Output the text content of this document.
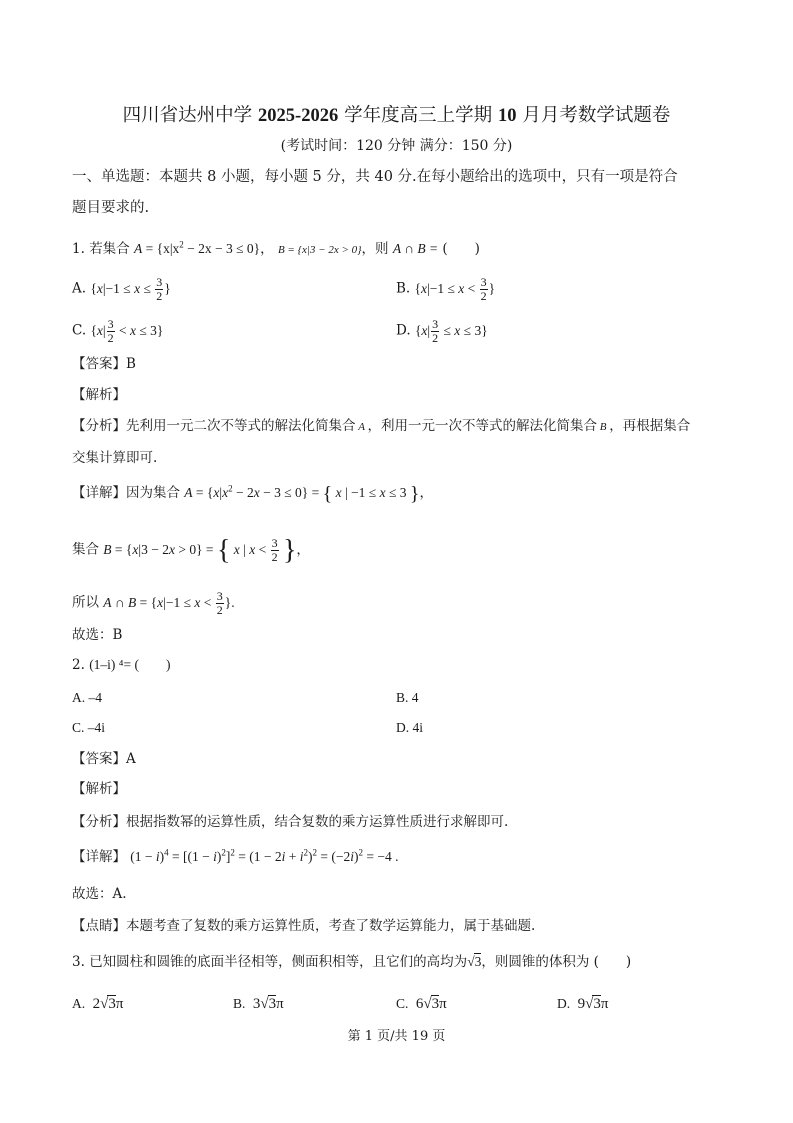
四川省达州中学 2025-2026 学年度高三上学期 10 月月考数学试题卷
(考试时间：120 分钟 满分：150 分)
一、单选题：本题共 8 小题，每小题 5 分，共 40 分.在每小题给出的选项中，只有一项是符合
题目要求的.
1. 若集合 $A = \{x|x^2 - 2x - 3 \le 0\}$， B = {x|3 − 2x > 0}，则 A ∩ B = (　　)
A. {$x|-1 \le x \le \frac{3}{2}$ }	B. {$x|-1 \le x < \frac{3}{2}$ }
C. $\{x| \frac{3}{2} < x \le 3\}$	D. $\{x| \frac{3}{2} \le x \le 3\}$
【答案】B
【解析】
【分析】先利用一元二次不等式的解法化简集合 A ，利用一元一次不等式的解法化简集合 B ，再根据集合
交集计算即可.
【详解】因为集合 $A = \{x|x^2 - 2x - 3 \le 0\}$ = { x | −1 ≤ x ≤ 3 }，
集合 B = {x|3 − 2x > 0} = { x | $x < \frac{3}{2}$ }，
所以 A ∩ $B = \{x|-1 \le x < \frac{3}{2}$ }.
故选：B
2. (1–i) ⁴= (　　)
A. –4	B. 4
C. –4i	D. 4i
【答案】A
【解析】
【分析】根据指数幂的运算性质，结合复数的乘方运算性质进行求解即可.
【详解】 $(1 - i)^4 = [(1 - i)^2]^2 = (1 - 2i + i^2)^2 = (-2i)^2 = -4$ .
故选：A.
【点睛】本题考查了复数的乘方运算性质，考查了数学运算能力，属于基础题.
3. 已知圆柱和圆锥的底面半径相等，侧面积相等，且它们的高均为√3，则圆锥的体积为 (　　)
A. 2√3π	B. 3√3π	C. 6√3π	D. 9√3π
第 1 页/共 19 页
